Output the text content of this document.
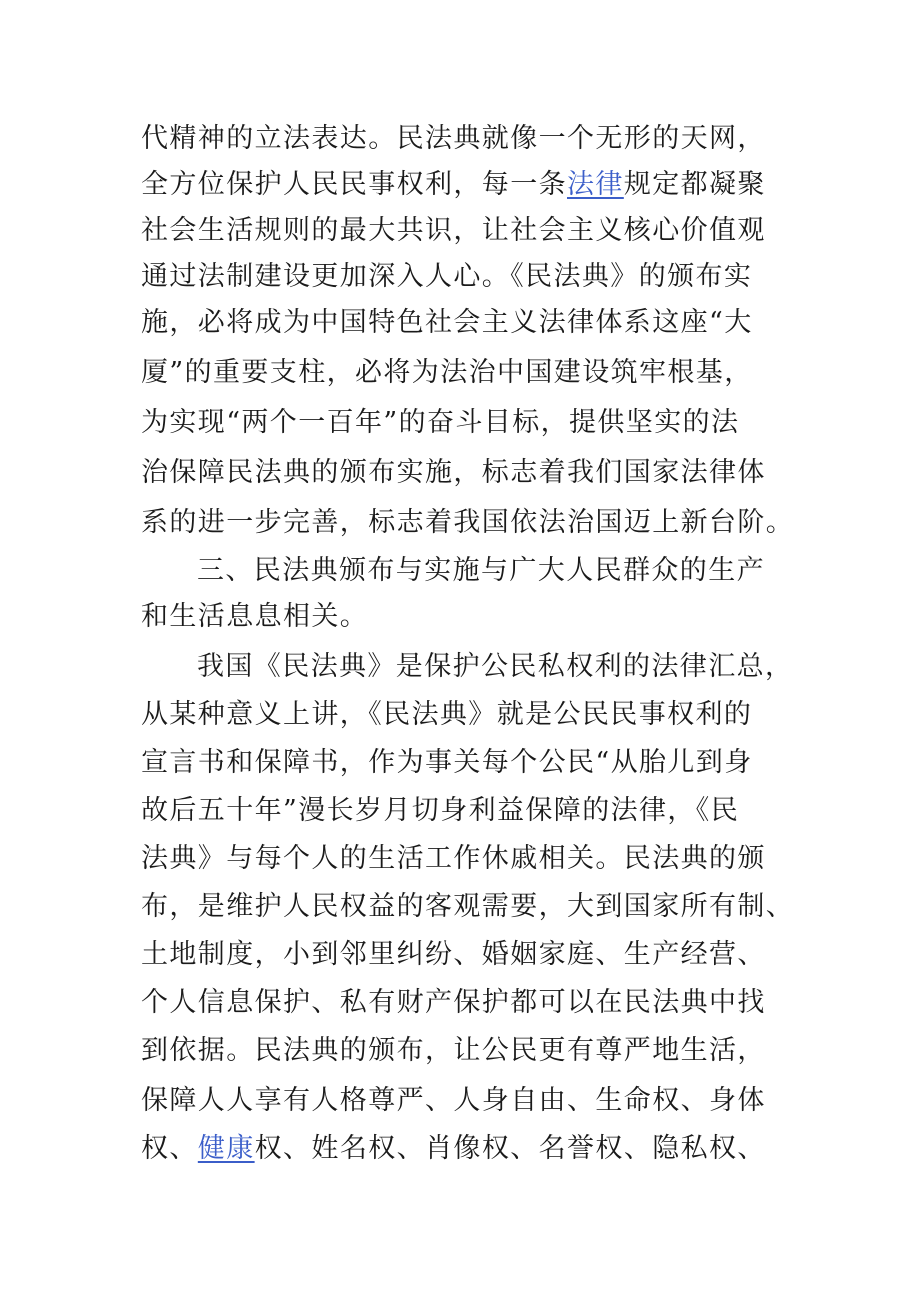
代精神的立法表达。民法典就像一个无形的天网，
全方位保护人民民事权利，每一条法律规定都凝聚
社会生活规则的最大共识，让社会主义核心价值观
通过法制建设更加深入人心。《民法典》的颁布实
施，必将成为中国特色社会主义法律体系这座“大
厦”的重要支柱，必将为法治中国建设筑牢根基，
为实现“两个一百年”的奋斗目标，提供坚实的法
治保障民法典的颁布实施，标志着我们国家法律体
系的进一步完善，标志着我国依法治国迈上新台阶。
三、民法典颁布与实施与广大人民群众的生产
和生活息息相关。
我国《民法典》是保护公民私权利的法律汇总，
从某种意义上讲，《民法典》就是公民民事权利的
宣言书和保障书，作为事关每个公民“从胎儿到身
故后五十年”漫长岁月切身利益保障的法律，《民
法典》与每个人的生活工作休戚相关。民法典的颁
布，是维护人民权益的客观需要，大到国家所有制、
土地制度，小到邻里纠纷、婚姻家庭、生产经营、
个人信息保护、私有财产保护都可以在民法典中找
到依据。民法典的颁布，让公民更有尊严地生活，
保障人人享有人格尊严、人身自由、生命权、身体
权、健康权、姓名权、肖像权、名誉权、隐私权、
